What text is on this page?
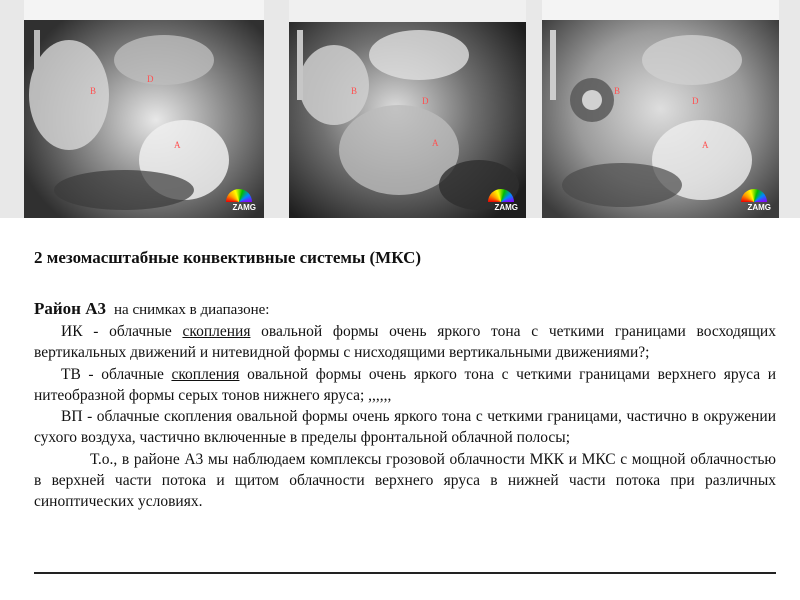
B
D
A
ZAMG
B
D
A
ZAMG
B
D
A
ZAMG
2 мезомасштабные конвективные системы (МКС)
Район А3 на снимках в диапазоне:

ИК - облачные скопления овальной формы очень яркого тона с четкими границами восходящих вертикальных движений и нитевидной формы с нисходящими вертикальными движениями?;

ТВ - облачные скопления овальной формы очень яркого тона с четкими границами верхнего яруса и нитеобразной формы серых тонов нижнего яруса; ,,,,,,

ВП - облачные скопления овальной формы очень яркого тона с четкими границами, частично в окружении сухого воздуха, частично включенные в пределы фронтальной облачной полосы;

Т.о., в районе А3 мы наблюдаем комплексы грозовой облачности МКК и МКС с мощной облачностью в верхней части потока и щитом облачности верхнего яруса в нижней части потока при различных синоптических условиях.
